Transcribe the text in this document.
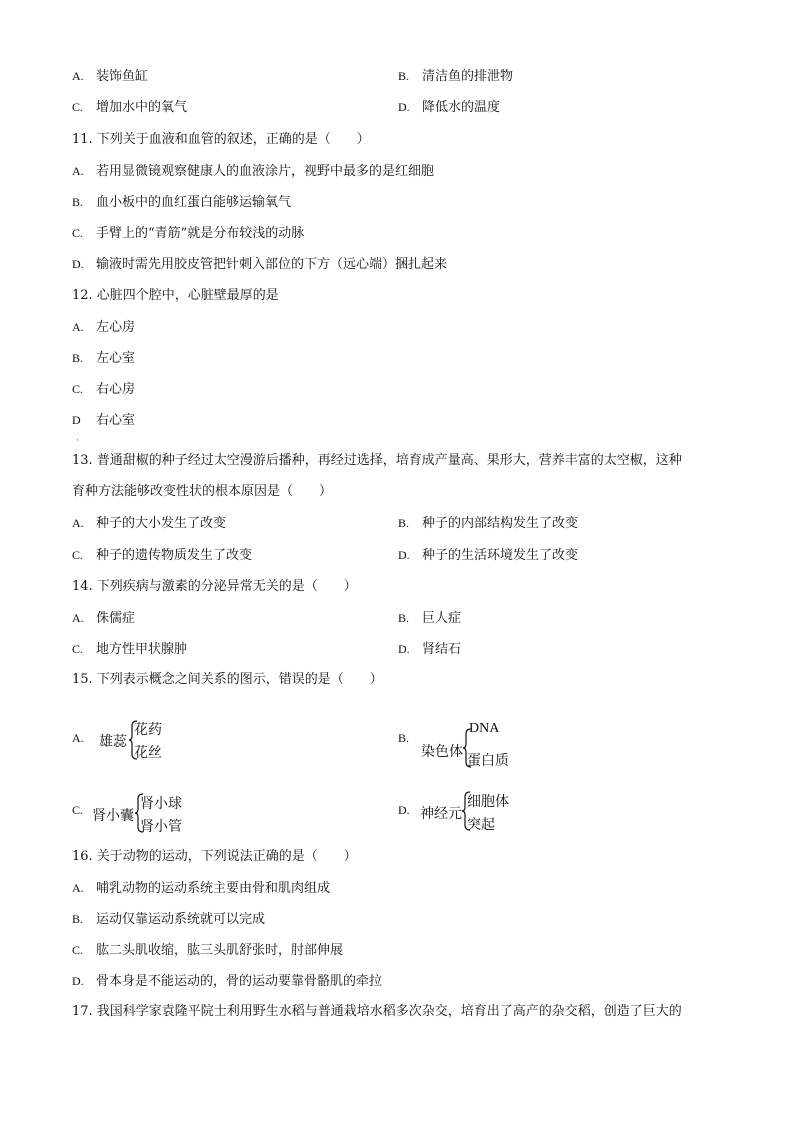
A. 装饰鱼缸	B. 清洁鱼的排泄物
C. 增加水中的氧气	D. 降低水的温度
11. 下列关于血液和血管的叙述，正确的是（　　）
A. 若用显微镜观察健康人的血液涂片，视野中最多的是红细胞
B. 血小板中的血红蛋白能够运输氧气
C. 手臂上的“青筋”就是分布较浅的动脉
D. 输液时需先用胶皮管把针刺入部位的下方（远心端）捆扎起来
12. 心脏四个腔中，心脏壁最厚的是
A. 左心房
B. 左心室
C. 右心房
D 右心室
·
13. 普通甜椒的种子经过太空漫游后播种，再经过选择，培育成产量高、果形大，营养丰富的太空椒，这种
育种方法能够改变性状的根本原因是（　　）
A. 种子的大小发生了改变	B. 种子的内部结构发生了改变
C. 种子的遗传物质发生了改变	D. 种子的生活环境发生了改变
14. 下列疾病与激素的分泌异常无关的是（　　）
A. 侏儒症	B. 巨人症
C. 地方性甲状腺肿	D. 肾结石
15. 下列表示概念之间关系的图示，错误的是（　　）
A. 雄蕊
花药
花丝
B.
染色体
DNA
蛋白质
C. 肾小囊
肾小球
肾小管
D. 神经元
细胞体
突起
16. 关于动物的运动，下列说法正确的是（　　）
A. 哺乳动物的运动系统主要由骨和肌肉组成
B. 运动仅靠运动系统就可以完成
C. 肱二头肌收缩，肱三头肌舒张时，肘部伸展
D. 骨本身是不能运动的，骨的运动要靠骨骼肌的牵拉
17. 我国科学家袁隆平院士利用野生水稻与普通栽培水稻多次杂交，培育出了高产的杂交稻，创造了巨大的
